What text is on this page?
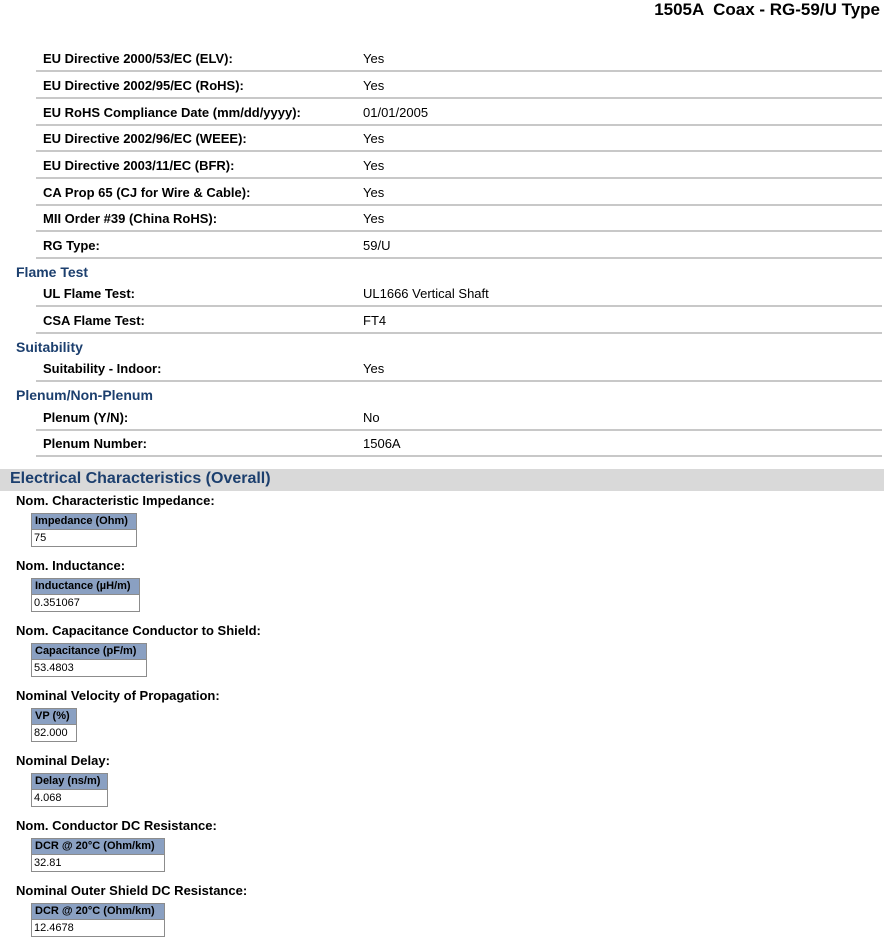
1505A  Coax - RG-59/U Type
EU Directive 2000/53/EC (ELV):	Yes
EU Directive 2002/95/EC (RoHS):	Yes
EU RoHS Compliance Date (mm/dd/yyyy):	01/01/2005
EU Directive 2002/96/EC (WEEE):	Yes
EU Directive 2003/11/EC (BFR):	Yes
CA Prop 65 (CJ for Wire & Cable):	Yes
MII Order #39 (China RoHS):	Yes
RG Type:	59/U
Flame Test
UL Flame Test:	UL1666 Vertical Shaft
CSA Flame Test:	FT4
Suitability
Suitability - Indoor:	Yes
Plenum/Non-Plenum
Plenum (Y/N):	No
Plenum Number:	1506A
Electrical Characteristics (Overall)
Nom. Characteristic Impedance:
Impedance (Ohm)
75
Nom. Inductance:
Inductance (µH/m)
0.351067
Nom. Capacitance Conductor to Shield:
Capacitance (pF/m)
53.4803
Nominal Velocity of Propagation:
VP (%)
82.000
Nominal Delay:
Delay (ns/m)
4.068
Nom. Conductor DC Resistance:
DCR @ 20°C (Ohm/km)
32.81
Nominal Outer Shield DC Resistance:
DCR @ 20°C (Ohm/km)
12.4678
